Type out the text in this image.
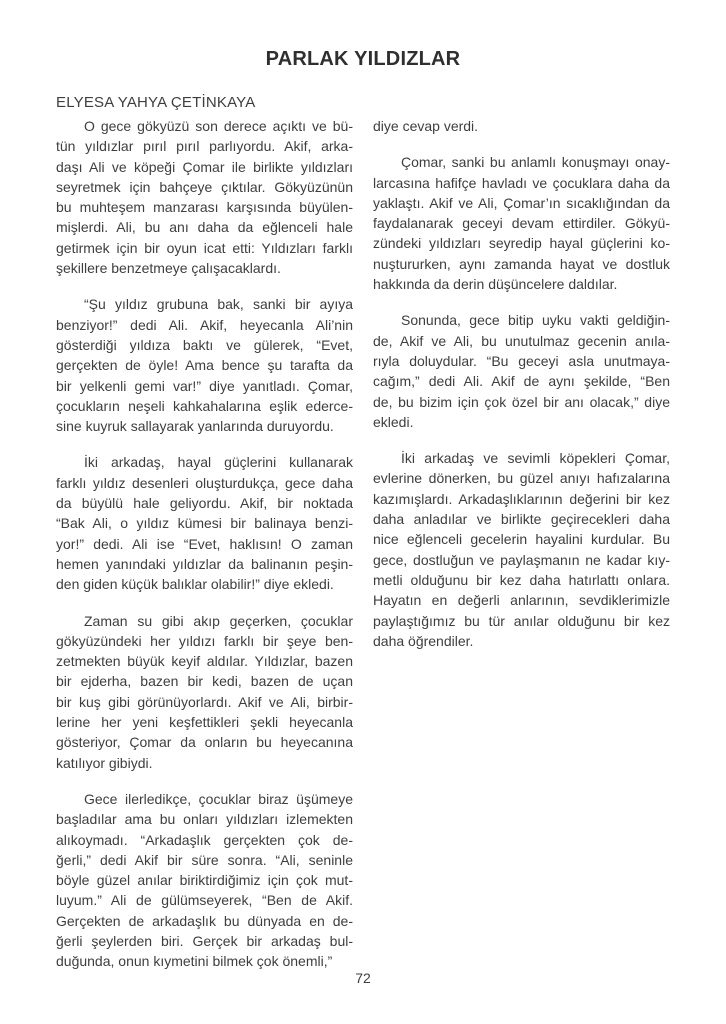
PARLAK YILDIZLAR
ELYESA YAHYA ÇETİNKAYA
O gece gökyüzü son derece açıktı ve bü-
tün yıldızlar pırıl pırıl parlıyordu. Akif, arka-
daşı Ali ve köpeği Çomar ile birlikte yıldızları
seyretmek için bahçeye çıktılar. Gökyüzünün
bu muhteşem manzarası karşısında büyülen-
mişlerdi. Ali, bu anı daha da eğlenceli hale
getirmek için bir oyun icat etti: Yıldızları farklı
şekillere benzetmeye çalışacaklardı.
“Şu yıldız grubuna bak, sanki bir ayıya
benziyor!” dedi Ali. Akif, heyecanla Ali’nin
gösterdiği yıldıza baktı ve gülerek, “Evet,
gerçekten de öyle! Ama bence şu tarafta da
bir yelkenli gemi var!” diye yanıtladı. Çomar,
çocukların neşeli kahkahalarına eşlik ederce-
sine kuyruk sallayarak yanlarında duruyordu.
İki arkadaş, hayal güçlerini kullanarak
farklı yıldız desenleri oluşturdukça, gece daha
da büyülü hale geliyordu. Akif, bir noktada
“Bak Ali, o yıldız kümesi bir balinaya benzi-
yor!” dedi. Ali ise “Evet, haklısın! O zaman
hemen yanındaki yıldızlar da balinanın peşin-
den giden küçük balıklar olabilir!” diye ekledi.
Zaman su gibi akıp geçerken, çocuklar
gökyüzündeki her yıldızı farklı bir şeye ben-
zetmekten büyük keyif aldılar. Yıldızlar, bazen
bir ejderha, bazen bir kedi, bazen de uçan
bir kuş gibi görünüyorlardı. Akif ve Ali, birbir-
lerine her yeni keşfettikleri şekli heyecanla
gösteriyor, Çomar da onların bu heyecanına
katılıyor gibiydi.
Gece ilerledikçe, çocuklar biraz üşümeye
başladılar ama bu onları yıldızları izlemekten
alıkoymadı. “Arkadaşlık gerçekten çok de-
ğerli,” dedi Akif bir süre sonra. “Ali, seninle
böyle güzel anılar biriktirdiğimiz için çok mut-
luyum.” Ali de gülümseyerek, “Ben de Akif.
Gerçekten de arkadaşlık bu dünyada en de-
ğerli şeylerden biri. Gerçek bir arkadaş bul-
duğunda, onun kıymetini bilmek çok önemli,”
diye cevap verdi.
Çomar, sanki bu anlamlı konuşmayı onay-
larcasına hafifçe havladı ve çocuklara daha da
yaklaştı. Akif ve Ali, Çomar’ın sıcaklığından da
faydalanarak geceyi devam ettirdiler. Gökyü-
zündeki yıldızları seyredip hayal güçlerini ko-
nuştururken, aynı zamanda hayat ve dostluk
hakkında da derin düşüncelere daldılar.
Sonunda, gece bitip uyku vakti geldiğin-
de, Akif ve Ali, bu unutulmaz gecenin anıla-
rıyla doluydular. “Bu geceyi asla unutmaya-
cağım,” dedi Ali. Akif de aynı şekilde, “Ben
de, bu bizim için çok özel bir anı olacak,” diye
ekledi.
İki arkadaş ve sevimli köpekleri Çomar,
evlerine dönerken, bu güzel anıyı hafızalarına
kazımışlardı. Arkadaşlıklarının değerini bir kez
daha anladılar ve birlikte geçirecekleri daha
nice eğlenceli gecelerin hayalini kurdular. Bu
gece, dostluğun ve paylaşmanın ne kadar kıy-
metli olduğunu bir kez daha hatırlattı onlara.
Hayatın en değerli anlarının, sevdiklerimizle
paylaştığımız bu tür anılar olduğunu bir kez
daha öğrendiler.
72
